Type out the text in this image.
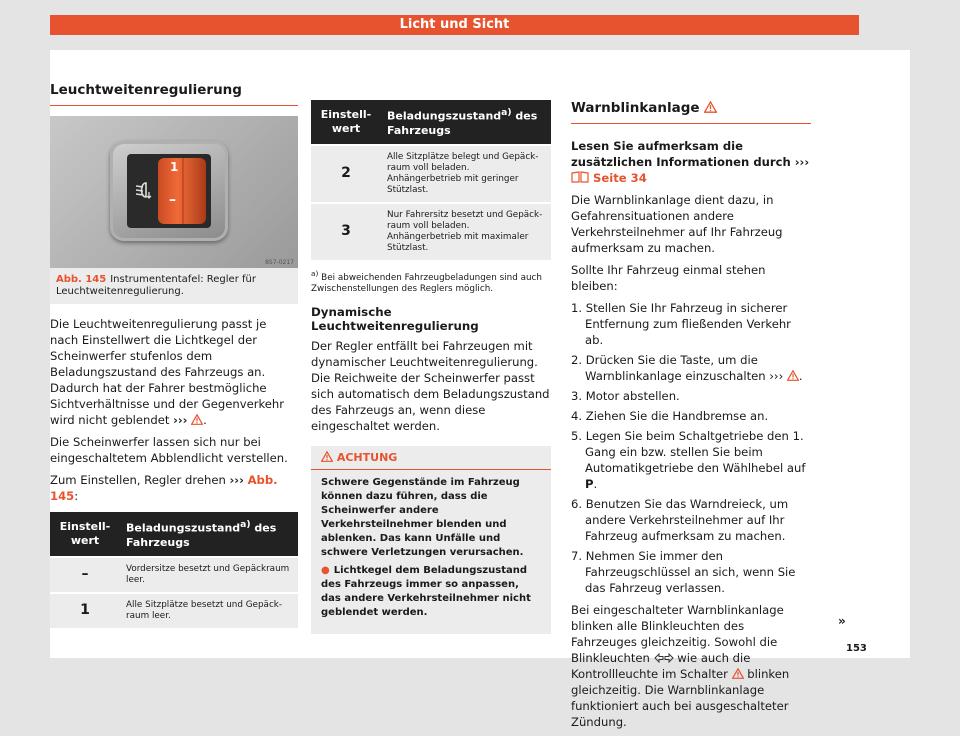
Licht und Sicht
Leuchtweitenregulierung
1
–
8S7-0217
Abb. 145 Instrumententafel: Regler für Leuchtweitenregulierung.

Die Leuchtweitenregulierung passt je nach Einstellwert die Lichtkegel der Scheinwerfer stufenlos dem Beladungszustand des Fahrzeugs an. Dadurch hat der Fahrer bestmögliche Sichtverhältnisse und der Gegenverkehr wird nicht geblendet ››› .

Die Scheinwerfer lassen sich nur bei eingeschaltetem Abblendlicht verstellen.

Zum Einstellen, Regler drehen ››› Abb. 145:

Einstellwert	Beladungszustand$^{a)}$ des Fahrzeugs
–	Vordersitze besetzt und Gepäckraum leer.
1	Alle Sitzplätze besetzt und Gepäckraum leer.
Einstellwert	Beladungszustand$^{a)}$ des Fahrzeugs
2	Alle Sitzplätze belegt und Gepäckraum voll beladen. Anhängerbetrieb mit geringer Stützlast.
3	Nur Fahrersitz besetzt und Gepäckraum voll beladen. Anhängerbetrieb mit maximaler Stützlast.
$^{a)}$ Bei abweichenden Fahrzeugbeladungen sind auch Zwischenstellungen des Reglers möglich.
Dynamische Leuchtweitenregulierung

Der Regler entfällt bei Fahrzeugen mit dynamischer Leuchtweitenregulierung. Die Reichweite der Scheinwerfer passt sich automatisch dem Beladungszustand des Fahrzeugs an, wenn diese eingeschaltet werden.

ACHTUNG

Schwere Gegenstände im Fahrzeug können dazu führen, dass die Scheinwerfer andere Verkehrsteilnehmer blenden und ablenken. Das kann Unfälle und schwere Verletzungen verursachen.

● Lichtkegel dem Beladungszustand des Fahrzeugs immer so anpassen, das andere Verkehrsteilnehmer nicht geblendet werden.

Warnblinkanlage

Lesen Sie aufmerksam die zusätzlichen Informationen durch ›››  Seite 34

Die Warnblinkanlage dient dazu, in Gefahrensituationen andere Verkehrsteilnehmer auf Ihr Fahrzeug aufmerksam zu machen.

Sollte Ihr Fahrzeug einmal stehen bleiben:

1. Stellen Sie Ihr Fahrzeug in sicherer Entfernung zum fließenden Verkehr ab.
2. Drücken Sie die Taste, um die Warnblinkanlage einzuschalten ››› .
3. Motor abstellen.
4. Ziehen Sie die Handbremse an.
5. Legen Sie beim Schaltgetriebe den 1. Gang ein bzw. stellen Sie beim Automatikgetriebe den Wählhebel auf P.
6. Benutzen Sie das Warndreieck, um andere Verkehrsteilnehmer auf Ihr Fahrzeug aufmerksam zu machen.
7. Nehmen Sie immer den Fahrzeugschlüssel an sich, wenn Sie das Fahrzeug verlassen.

Bei eingeschalteter Warnblinkanlage blinken alle Blinkleuchten des Fahrzeuges gleichzeitig. Sowohl die Blinkleuchten wie auch die Kontrollleuchte im Schalter blinken gleichzeitig. Die Warnblinkanlage funktioniert auch bei ausgeschalteter Zündung.

»
153
